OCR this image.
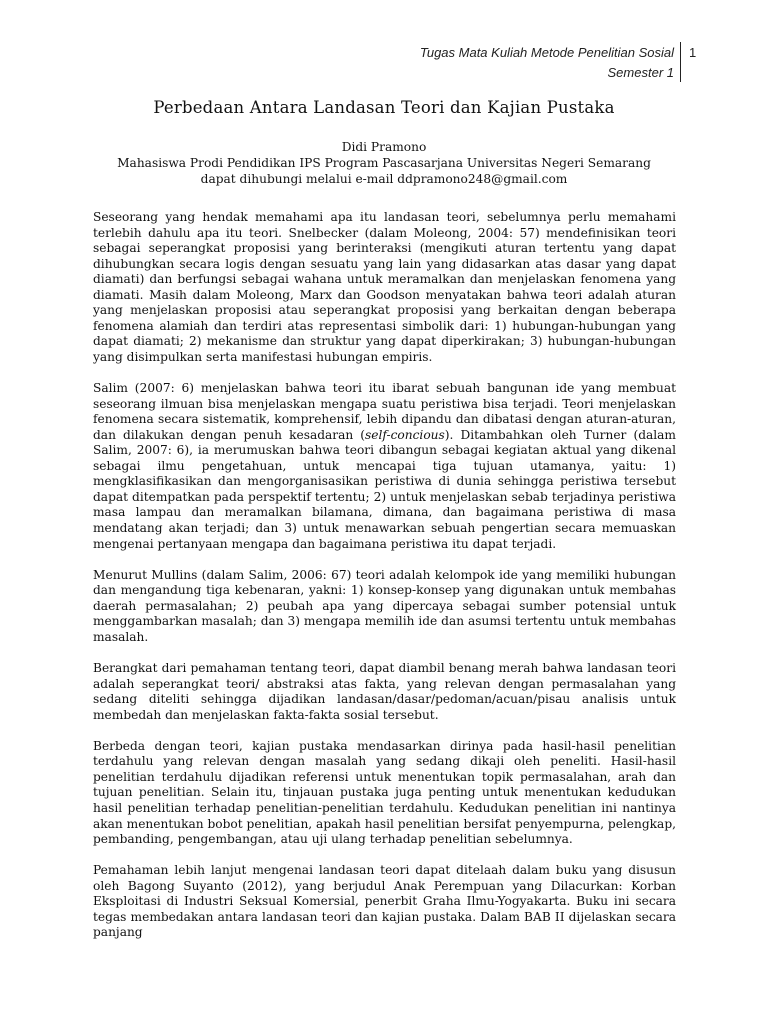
Tugas Mata Kuliah Metode Penelitian Sosial
Semester 1
1
Perbedaan Antara Landasan Teori dan Kajian Pustaka
Didi Pramono
Mahasiswa Prodi Pendidikan IPS Program Pascasarjana Universitas Negeri Semarang
dapat dihubungi melalui e-mail ddpramono248@gmail.com

Seseorang yang hendak memahami apa itu landasan teori, sebelumnya perlu memahami terlebih dahulu apa itu teori. Snelbecker (dalam Moleong, 2004: 57) mendefinisikan teori sebagai seperangkat proposisi yang berinteraksi (mengikuti aturan tertentu yang dapat dihubungkan secara logis dengan sesuatu yang lain yang didasarkan atas dasar yang dapat diamati) dan berfungsi sebagai wahana untuk meramalkan dan menjelaskan fenomena yang diamati. Masih dalam Moleong, Marx dan Goodson menyatakan bahwa teori adalah aturan yang menjelaskan proposisi atau seperangkat proposisi yang berkaitan dengan beberapa fenomena alamiah dan terdiri atas representasi simbolik dari: 1) hubungan-hubungan yang dapat diamati; 2) mekanisme dan struktur yang dapat diperkirakan; 3) hubungan-hubungan yang disimpulkan serta manifestasi hubungan empiris.

Salim (2007: 6) menjelaskan bahwa teori itu ibarat sebuah bangunan ide yang membuat seseorang ilmuan bisa menjelaskan mengapa suatu peristiwa bisa terjadi. Teori menjelaskan fenomena secara sistematik, komprehensif, lebih dipandu dan dibatasi dengan aturan-aturan, dan dilakukan dengan penuh kesadaran (self-concious). Ditambahkan oleh Turner (dalam Salim, 2007: 6), ia merumuskan bahwa teori dibangun sebagai kegiatan aktual yang dikenal sebagai ilmu pengetahuan, untuk mencapai tiga tujuan utamanya, yaitu: 1) mengklasifikasikan dan mengorganisasikan peristiwa di dunia sehingga peristiwa tersebut dapat ditempatkan pada perspektif tertentu; 2) untuk menjelaskan sebab terjadinya peristiwa masa lampau dan meramalkan bilamana, dimana, dan bagaimana peristiwa di masa mendatang akan terjadi; dan 3) untuk menawarkan sebuah pengertian secara memuaskan mengenai pertanyaan mengapa dan bagaimana peristiwa itu dapat terjadi.

Menurut Mullins (dalam Salim, 2006: 67) teori adalah kelompok ide yang memiliki hubungan dan mengandung tiga kebenaran, yakni: 1) konsep-konsep yang digunakan untuk membahas daerah permasalahan; 2) peubah apa yang dipercaya sebagai sumber potensial untuk menggambarkan masalah; dan 3) mengapa memilih ide dan asumsi tertentu untuk membahas masalah.

Berangkat dari pemahaman tentang teori, dapat diambil benang merah bahwa landasan teori adalah seperangkat teori/ abstraksi atas fakta, yang relevan dengan permasalahan yang sedang diteliti sehingga dijadikan landasan/dasar/pedoman/acuan/pisau analisis untuk membedah dan menjelaskan fakta-fakta sosial tersebut.

Berbeda dengan teori, kajian pustaka mendasarkan dirinya pada hasil-hasil penelitian terdahulu yang relevan dengan masalah yang sedang dikaji oleh peneliti. Hasil-hasil penelitian terdahulu dijadikan referensi untuk menentukan topik permasalahan, arah dan tujuan penelitian. Selain itu, tinjauan pustaka juga penting untuk menentukan kedudukan hasil penelitian terhadap penelitian-penelitian terdahulu. Kedudukan penelitian ini nantinya akan menentukan bobot penelitian, apakah hasil penelitian bersifat penyempurna, pelengkap, pembanding, pengembangan, atau uji ulang terhadap penelitian sebelumnya.

Pemahaman lebih lanjut mengenai landasan teori dapat ditelaah dalam buku yang disusun oleh Bagong Suyanto (2012), yang berjudul Anak Perempuan yang Dilacurkan: Korban Eksploitasi di Industri Seksual Komersial, penerbit Graha Ilmu-Yogyakarta. Buku ini secara tegas membedakan antara landasan teori dan kajian pustaka. Dalam BAB II dijelaskan secara panjang
